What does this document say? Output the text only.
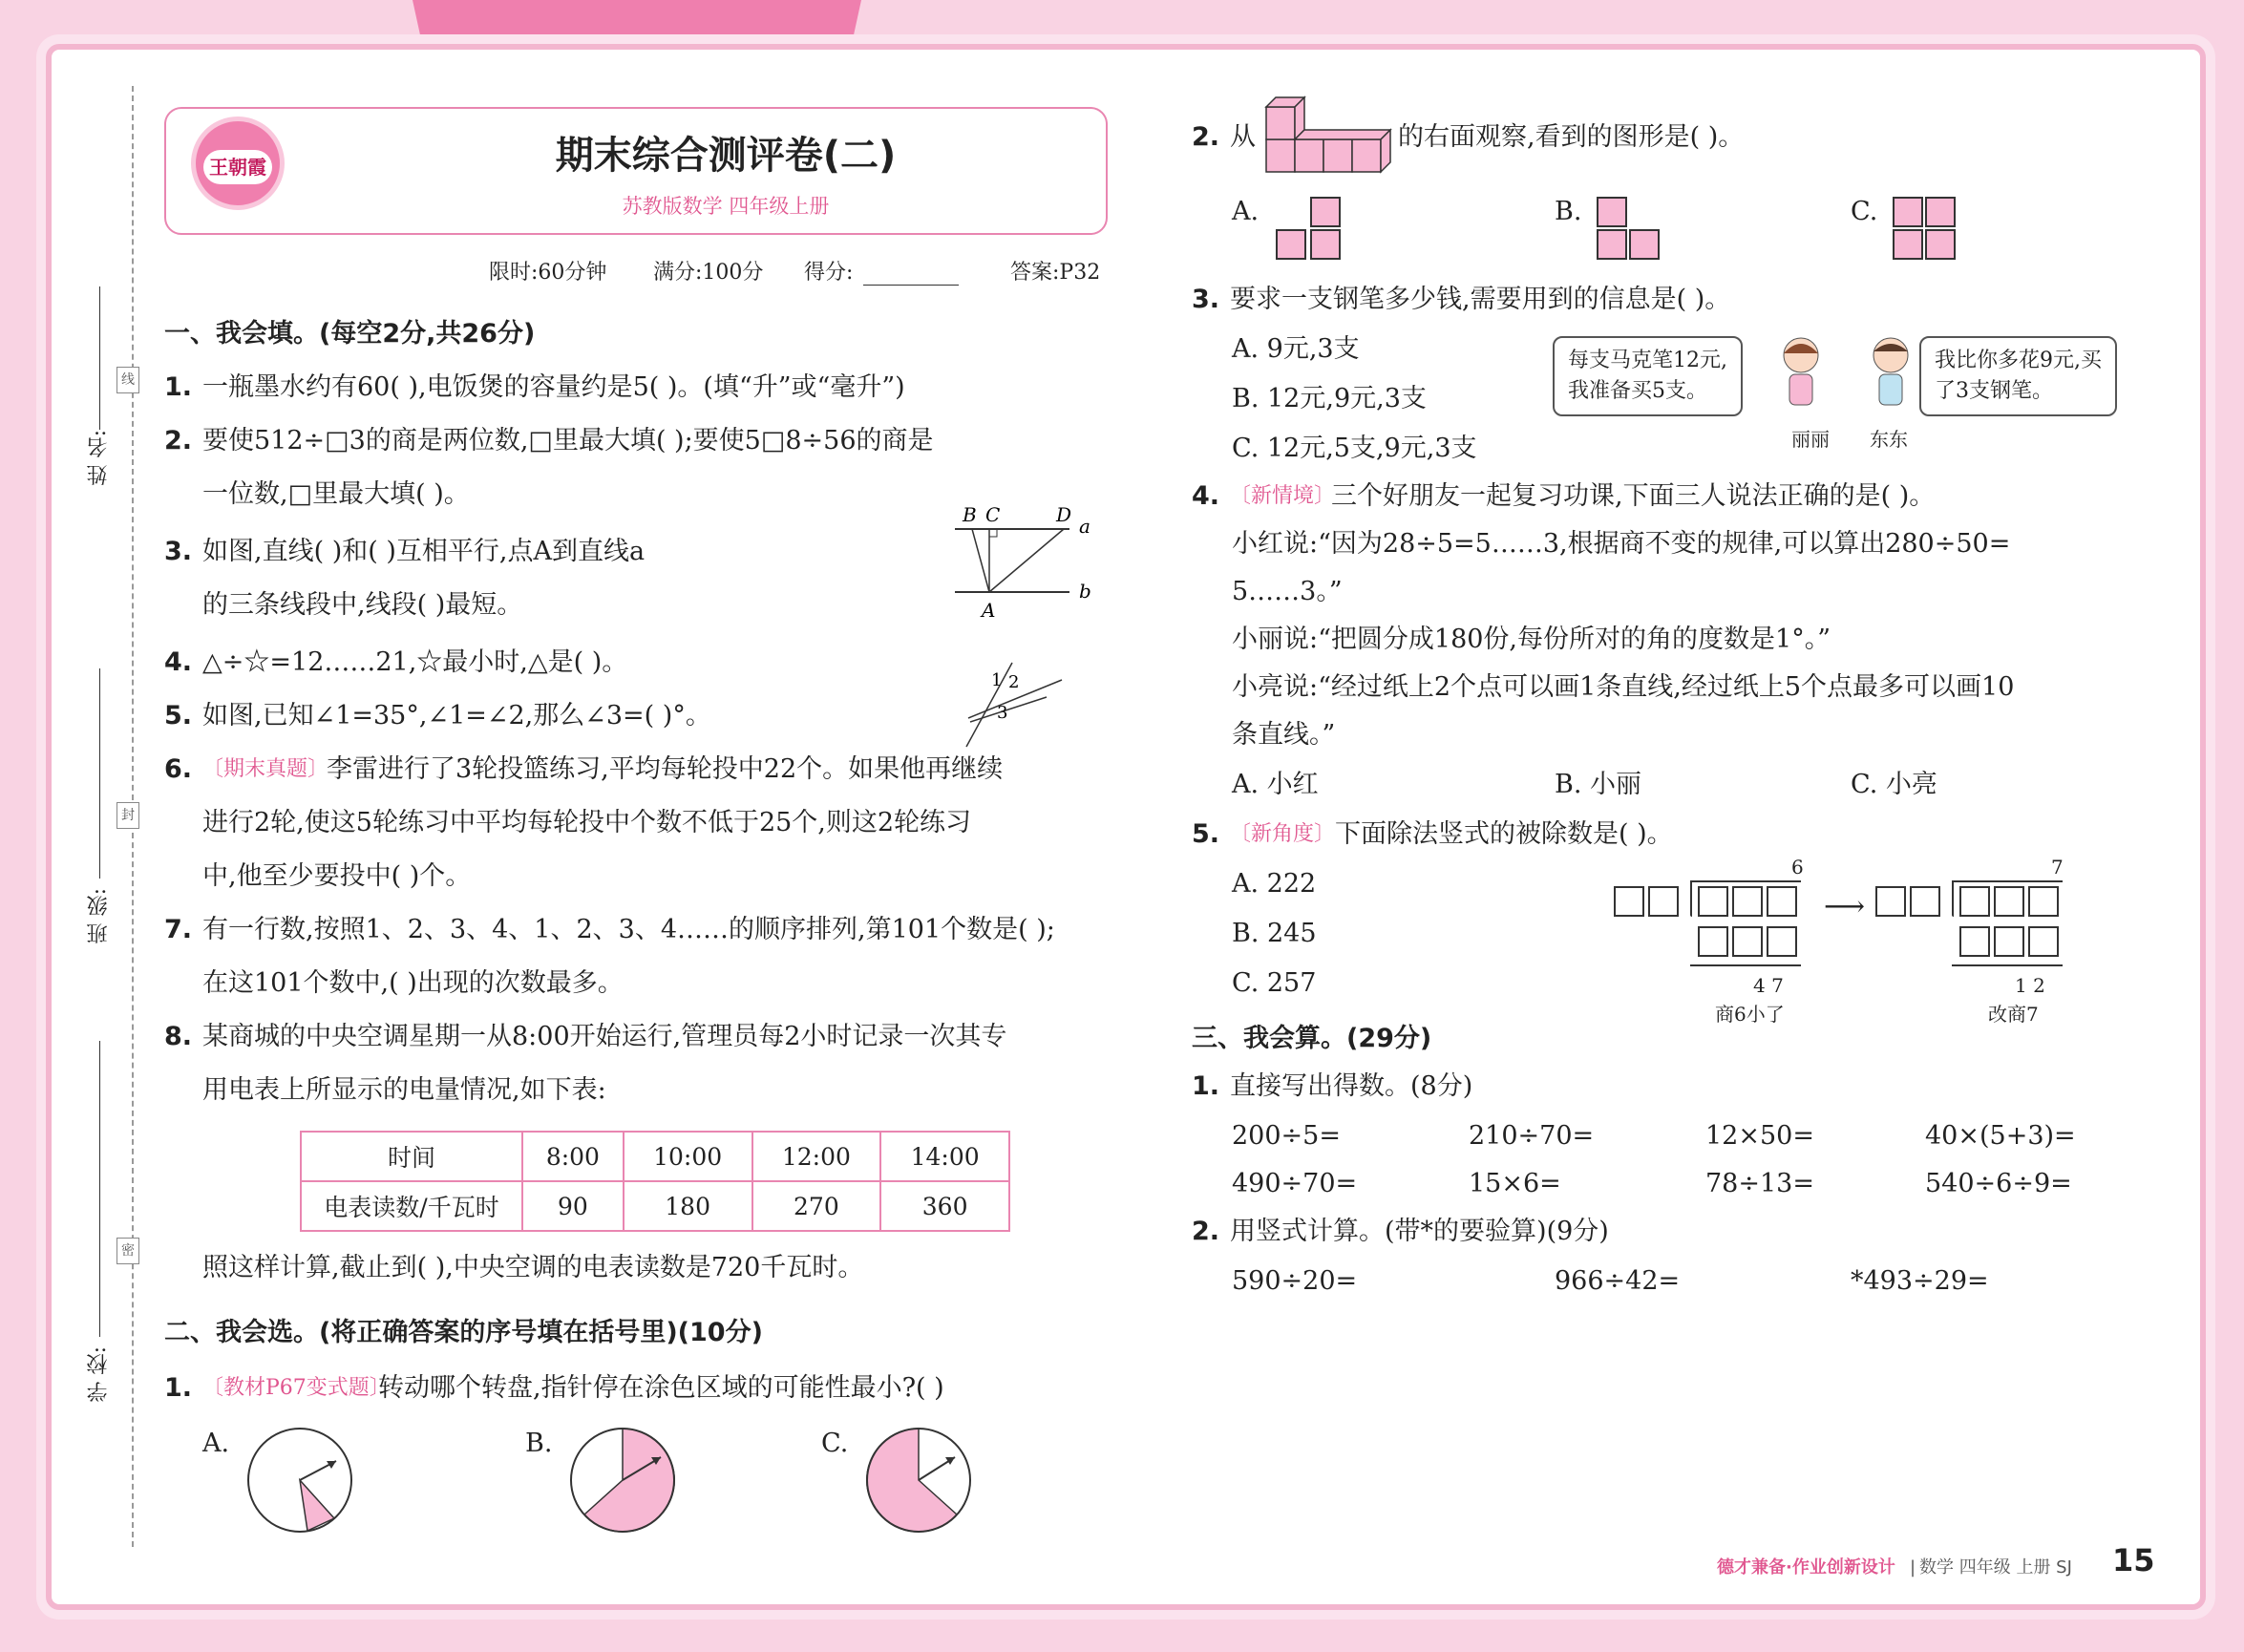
姓 名:
班 级:
学 校:
线
封
密
王朝霞	期末综合测评卷(二)
苏教版数学 四年级上册
限时:60分钟 满分:100分 得分:	答案:P32
一、我会填。(每空2分,共26分)
1. 一瓶墨水约有60( ),电饭煲的容量约是5( )。(填“升”或“毫升”)
2. 要使512÷□3的商是两位数,□里最大填( );要使5□8÷56的商是
一位数,□里最大填( )。
3. 如图,直线( )和( )互相平行,点A到直线a
的三条线段中,线段( )最短。
B C	D a
b
A
4. △÷☆=12……21,☆最小时,△是( )。
5. 如图,已知∠1=35°,∠1=∠2,那么∠3=( )°。
1 2
3
6. 〔期末真题〕
李雷进行了3轮投篮练习,平均每轮投中22个。如果他再继续
进行2轮,使这5轮练习中平均每轮投中个数不低于25个,则这2轮练习
中,他至少要投中( )个。
7. 有一行数,按照1、2、3、4、1、2、3、4……的顺序排列,第101个数是( );
在这101个数中,( )出现的次数最多。
8. 某商城的中央空调星期一从8:00开始运行,管理员每2小时记录一次其专
用电表上所显示的电量情况,如下表:
时间	8:00	10:00	12:00	14:00
电表读数/千瓦时	90	180	270	360
照这样计算,截止到( ),中央空调的电表读数是720千瓦时。
二、我会选。(将正确答案的序号填在括号里)(10分)
1. 〔教材P67变式题〕
转动哪个转盘,指针停在涂色区域的可能性最小?( )
A.	B.	C.
2. 从	的右面观察,看到的图形是( )。
A.	B.	C.
3. 要求一支钢笔多少钱,需要用到的信息是( )。
A. 9元,3支
B. 12元,9元,3支
C. 12元,5支,9元,3支
每支马克笔12元,
我准备买5支。
丽丽 东东
我比你多花9元,买
了3支钢笔。
4. 〔新情境〕
三个好朋友一起复习功课,下面三人说法正确的是( )。
小红说:“因为28÷5=5……3,根据商不变的规律,可以算出280÷50=
5……3。”
小丽说:“把圆分成180份,每份所对的角的度数是1°。”
小亮说:“经过纸上2个点可以画1条直线,经过纸上5个点最多可以画10
条直线。”
A. 小红	B. 小丽	C. 小亮
5. 〔新角度〕 下面除法竖式的被除数是( )。
A. 222
B. 245
C. 257
6
4 7
商6小了
⟶
7
1 2
改商7
三、我会算。(29分)
1. 直接写出得数。(8分)
200÷5=	210÷70=	12×50=	40×(5+3)=
490÷70=	15×6=	78÷13=	540÷6÷9=
2. 用竖式计算。(带*的要验算)(9分)
590÷20=	966÷42=	*493÷29=
德才兼备·作业创新设计 | 数学 四年级 上册 SJ 15
